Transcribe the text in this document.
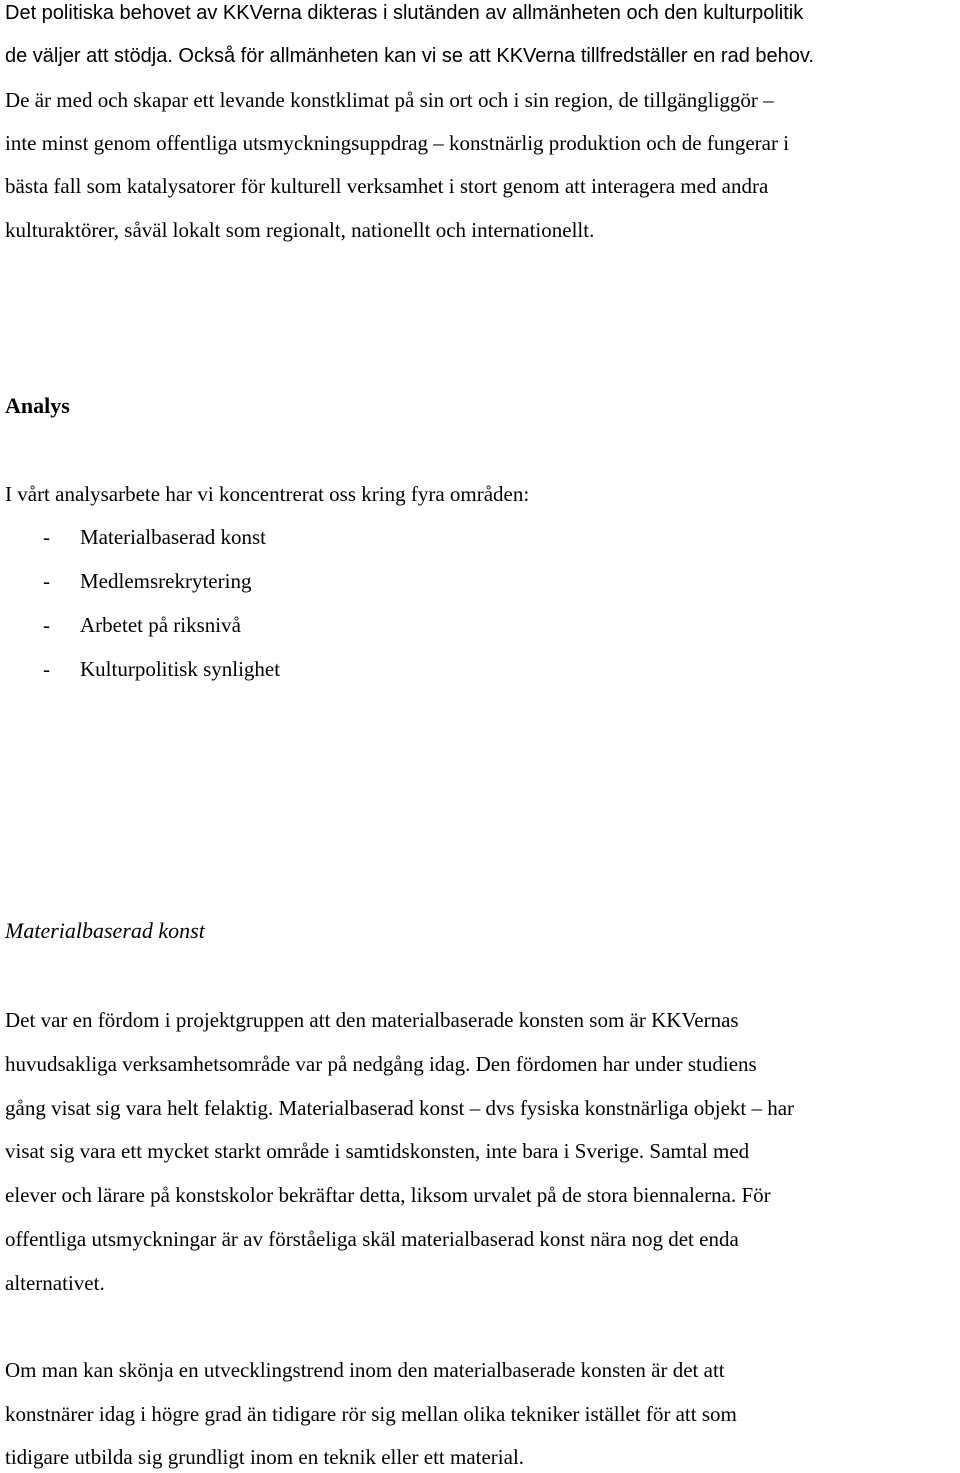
Det politiska behovet av KKVerna dikteras i slutänden av allmänheten och den kulturpolitik
de väljer att stödja. Också för allmänheten kan vi se att KKVerna tillfredställer en rad behov.
De är med och skapar ett levande konstklimat på sin ort och i sin region, de tillgängliggör –
inte minst genom offentliga utsmyckningsuppdrag – konstnärlig produktion och de fungerar i
bästa fall som katalysatorer för kulturell verksamhet i stort genom att interagera med andra
kulturaktörer, såväl lokalt som regionalt, nationellt och internationellt.
Analys
I vårt analysarbete har vi koncentrerat oss kring fyra områden:
- Materialbaserad konst
- Medlemsrekrytering
- Arbetet på riksnivå
- Kulturpolitisk synlighet
Materialbaserad konst
Det var en fördom i projektgruppen att den materialbaserade konsten som är KKVernas
huvudsakliga verksamhetsområde var på nedgång idag. Den fördomen har under studiens
gång visat sig vara helt felaktig. Materialbaserad konst – dvs fysiska konstnärliga objekt – har
visat sig vara ett mycket starkt område i samtidskonsten, inte bara i Sverige. Samtal med
elever och lärare på konstskolor bekräftar detta, liksom urvalet på de stora biennalerna. För
offentliga utsmyckningar är av förståeliga skäl materialbaserad konst nära nog det enda
alternativet.
Om man kan skönja en utvecklingstrend inom den materialbaserade konsten är det att
konstnärer idag i högre grad än tidigare rör sig mellan olika tekniker istället för att som
tidigare utbilda sig grundligt inom en teknik eller ett material.
